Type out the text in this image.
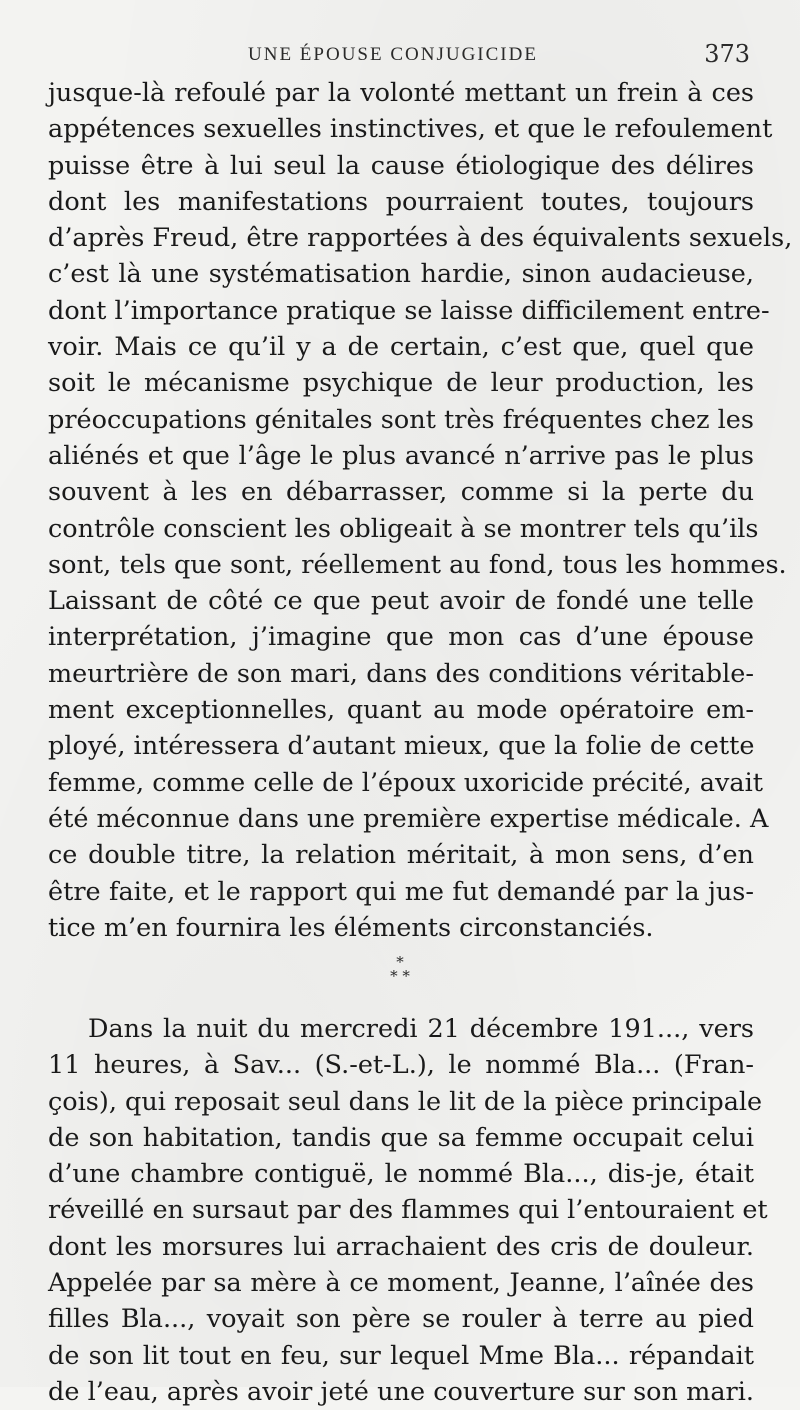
UNE ÉPOUSE CONJUGICIDE	373
jusque-là refoulé par la volonté mettant un frein à ces
appétences sexuelles instinctives, et que le refoulement
puisse être à lui seul la cause étiologique des délires
dont les manifestations pourraient toutes, toujours
d’après Freud, être rapportées à des équivalents sexuels,
c’est là une systématisation hardie, sinon audacieuse,
dont l’importance pratique se laisse difficilement entre-
voir. Mais ce qu’il y a de certain, c’est que, quel que
soit le mécanisme psychique de leur production, les
préoccupations génitales sont très fréquentes chez les
aliénés et que l’âge le plus avancé n’arrive pas le plus
souvent à les en débarrasser, comme si la perte du
contrôle conscient les obligeait à se montrer tels qu’ils
sont, tels que sont, réellement au fond, tous les hommes.
Laissant de côté ce que peut avoir de fondé une telle
interprétation, j’imagine que mon cas d’une épouse
meurtrière de son mari, dans des conditions véritable-
ment exceptionnelles, quant au mode opératoire em-
ployé, intéressera d’autant mieux, que la folie de cette
femme, comme celle de l’époux uxoricide précité, avait
été méconnue dans une première expertise médicale. A
ce double titre, la relation méritait, à mon sens, d’en
être faite, et le rapport qui me fut demandé par la jus-
tice m’en fournira les éléments circonstanciés.
*
* *
Dans la nuit du mercredi 21 décembre 191..., vers
11 heures, à Sav... (S.-et-L.), le nommé Bla... (Fran-
çois), qui reposait seul dans le lit de la pièce principale
de son habitation, tandis que sa femme occupait celui
d’une chambre contiguë, le nommé Bla..., dis-je, était
réveillé en sursaut par des flammes qui l’entouraient et
dont les morsures lui arrachaient des cris de douleur.
Appelée par sa mère à ce moment, Jeanne, l’aînée des
filles Bla..., voyait son père se rouler à terre au pied
de son lit tout en feu, sur lequel Mme Bla... répandait
de l’eau, après avoir jeté une couverture sur son mari.
